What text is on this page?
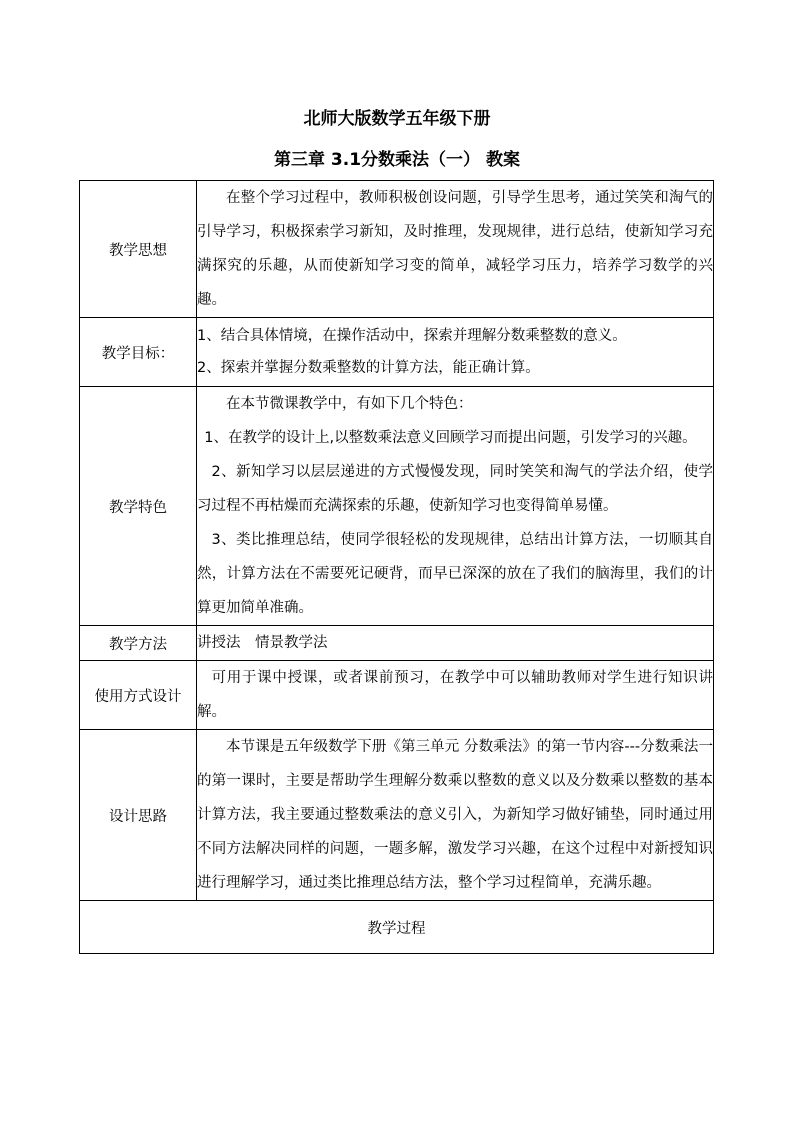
北师大版数学五年级下册
第三章 3.1分数乘法（一） 教案
教学思想	在整个学习过程中，教师积极创设问题，引导学生思考，通过笑笑和淘气的引导学习，积极探索学习新知，及时推理，发现规律，进行总结，使新知学习充满探究的乐趣，从而使新知学习变的简单，减轻学习压力，培养学习数学的兴趣。

教学目标：	1、结合具体情境，在操作活动中，探索并理解分数乘整数的意义。

2、探索并掌握分数乘整数的计算方法，能正确计算。

教学特色	在本节微课教学中，有如下几个特色：

1、在教学的设计上,以整数乘法意义回顾学习而提出问题，引发学习的兴趣。

2、新知学习以层层递进的方式慢慢发现，同时笑笑和淘气的学法介绍，使学习过程不再枯燥而充满探索的乐趣，使新知学习也变得简单易懂。

3、类比推理总结，使同学很轻松的发现规律，总结出计算方法，一切顺其自然，计算方法在不需要死记硬背，而早已深深的放在了我们的脑海里，我们的计算更加简单准确。

教学方法	讲授法　情景教学法

使用方式设计	可用于课中授课，或者课前预习，在教学中可以辅助教师对学生进行知识讲解。

设计思路	本节课是五年级数学下册《第三单元 分数乘法》的第一节内容---分数乘法一的第一课时，主要是帮助学生理解分数乘以整数的意义以及分数乘以整数的基本计算方法，我主要通过整数乘法的意义引入，为新知学习做好铺垫，同时通过用不同方法解决同样的问题，一题多解，激发学习兴趣，在这个过程中对新授知识进行理解学习，通过类比推理总结方法，整个学习过程简单，充满乐趣。

教学过程	
